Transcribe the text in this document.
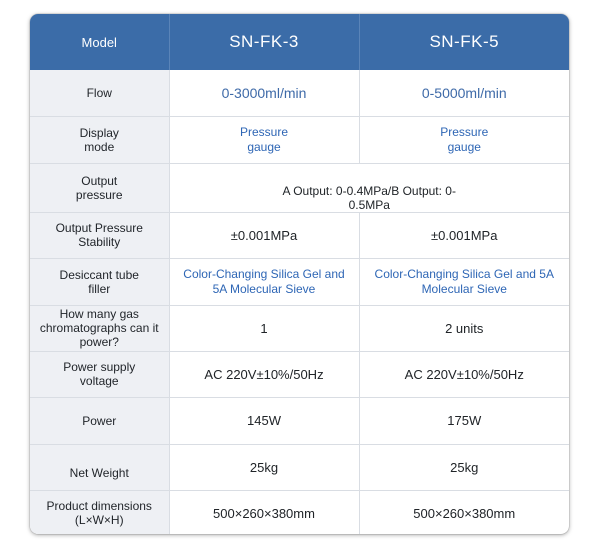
Model	SN-FK-3	SN-FK-5
Flow	0-3000ml/min	0-5000ml/min
Display mode	Pressure gauge	Pressure gauge
Output pressure	A Output: 0-0.4MPa/B Output: 0-0.5MPa	
Output Pressure Stability	±0.001MPa	±0.001MPa
Desiccant tube filler	Color-Changing Silica Gel and 5A Molecular Sieve	Color-Changing Silica Gel and 5A Molecular Sieve
How many gas chromatographs can it power?	1	2 units
Power supply voltage	AC 220V±10%/50Hz	AC 220V±10%/50Hz
Power	145W	175W
Net Weight	25kg	25kg
Product dimensions (L×W×H)	500×260×380mm	500×260×380mm
